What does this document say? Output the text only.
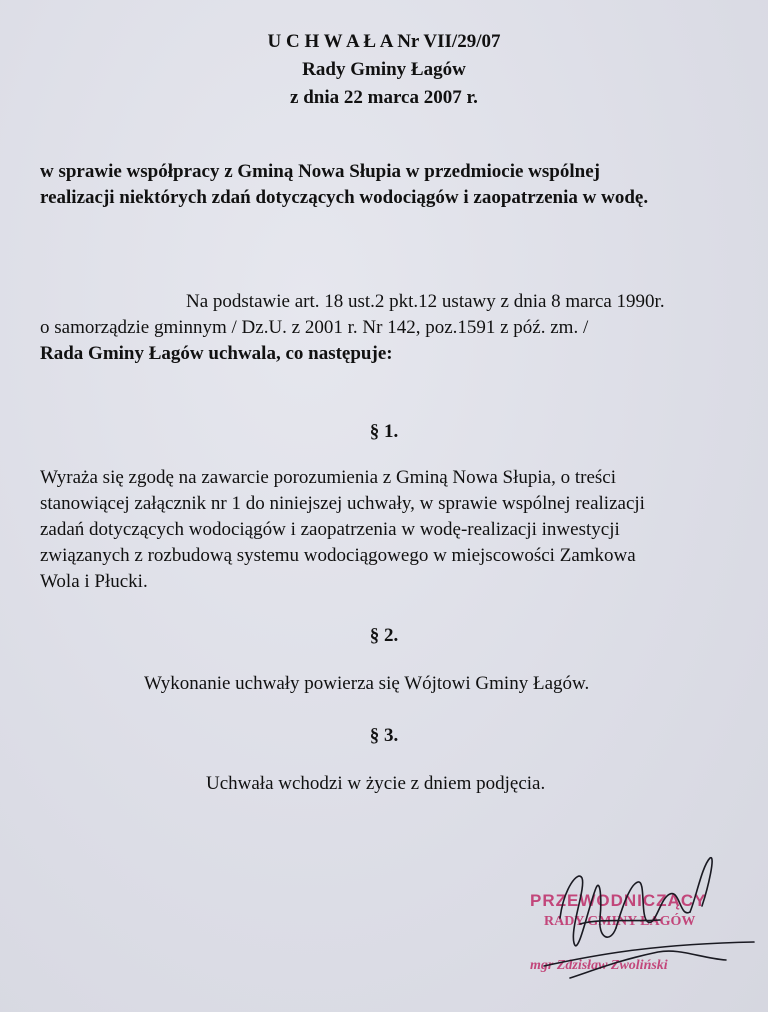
U C H W A Ł A Nr VII/29/07
Rady Gminy Łagów
z dnia 22 marca 2007 r.
w sprawie współpracy z Gminą Nowa Słupia w przedmiocie wspólnej
realizacji niektórych zdań dotyczących wodociągów i zaopatrzenia w wodę.
Na podstawie art. 18 ust.2 pkt.12 ustawy z dnia 8 marca 1990r.
o samorządzie gminnym / Dz.U. z 2001 r. Nr 142, poz.1591 z póź. zm. /
Rada Gminy Łagów uchwala, co następuje:
§ 1.
Wyraża się zgodę na zawarcie porozumienia z Gminą Nowa Słupia, o treści
stanowiącej załącznik nr 1 do niniejszej uchwały, w sprawie wspólnej realizacji
zadań dotyczących wodociągów i zaopatrzenia w wodę-realizacji inwestycji
związanych z rozbudową systemu wodociągowego w miejscowości Zamkowa
Wola i Płucki.
§ 2.
Wykonanie uchwały powierza się Wójtowi Gminy Łagów.
§ 3.
Uchwała wchodzi w życie z dniem podjęcia.
PRZEWODNICZĄCY
RADY GMINY ŁAGÓW
mgr Zdzisław Zwoliński
